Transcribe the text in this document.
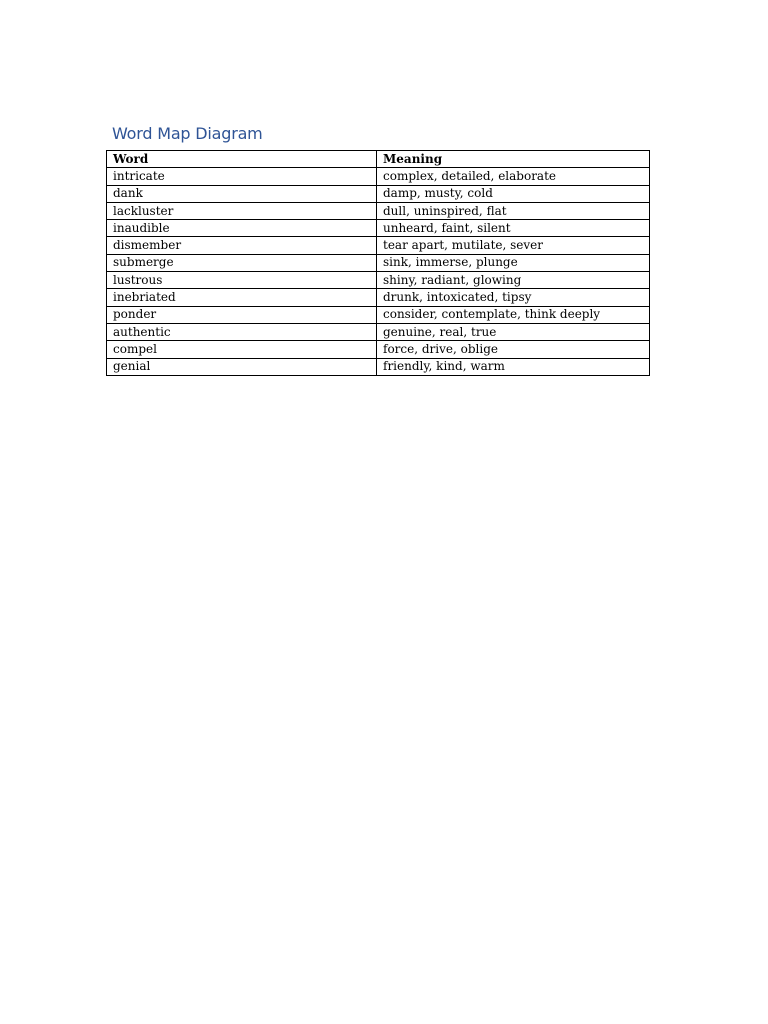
Word Map Diagram
Word	Meaning
intricate	complex, detailed, elaborate
dank	damp, musty, cold
lackluster	dull, uninspired, flat
inaudible	unheard, faint, silent
dismember	tear apart, mutilate, sever
submerge	sink, immerse, plunge
lustrous	shiny, radiant, glowing
inebriated	drunk, intoxicated, tipsy
ponder	consider, contemplate, think deeply
authentic	genuine, real, true
compel	force, drive, oblige
genial	friendly, kind, warm
